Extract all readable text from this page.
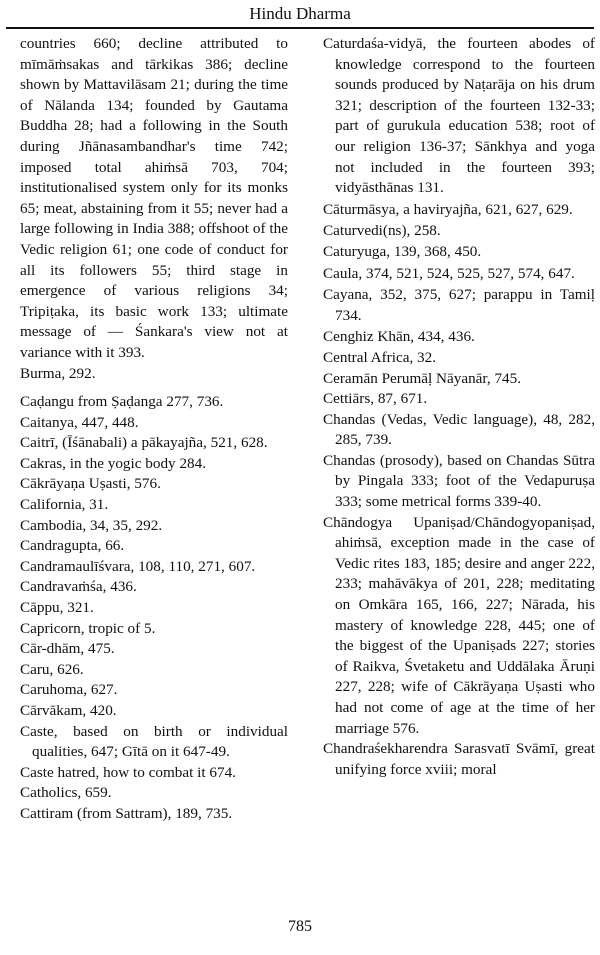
Hindu Dharma

countries 660; decline attributed to mīmāṁsakas and tārkikas 386; decline shown by Mattavilāsam 21; during the time of Nālanda 134; founded by Gautama Buddha 28; had a following in the South during Jñānasambandhar's time 742; imposed total ahiṁsā 703, 704; institutionalised system only for its monks 65; meat, abstaining from it 55; never had a large following in India 388; offshoot of the Vedic religion 61; one code of conduct for all its followers 55; third stage in emergence of various religions 34; Tripiṭaka, its basic work 133; ultimate message of — Śankara's view not at variance with it 393.

Burma, 292.

Caḍangu from Ṣaḍanga 277, 736.

Caitanya, 447, 448.

Caitrī, (Īśānabali) a pākayajña, 521, 628.

Cakras, in the yogic body 284.

Cākrāyaṇa Uṣasti, 576.

California, 31.

Cambodia, 34, 35, 292.

Candragupta, 66.

Candramaulīśvara, 108, 110, 271, 607.

Candravaṁśa, 436.

Cāppu, 321.

Capricorn, tropic of 5.

Cār-dhām, 475.

Caru, 626.

Caruhoma, 627.

Cārvākam, 420.

Caste, based on birth or individual qualities, 647; Gītā on it 647-49.

Caste hatred, how to combat it 674.

Catholics, 659.

Cattiram (from Sattram), 189, 735.

Caturdaśa-vidyā, the fourteen abodes of knowledge correspond to the fourteen sounds produced by Naṭarāja on his drum 321; description of the fourteen 132-33; part of gurukula education 538; root of our religion 136-37; Sānkhya and yoga not included in the fourteen 393; vidyāsthānas 131.

Cāturmāsya, a haviryajña, 621, 627, 629.

Caturvedi(ns), 258.

Caturyuga, 139, 368, 450.

Caula, 374, 521, 524, 525, 527, 574, 647.

Cayana, 352, 375, 627; parappu in Tamiḷ 734.

Cenghiz Khān, 434, 436.

Central Africa, 32.

Ceramān Perumāḷ Nāyanār, 745.

Cettiārs, 87, 671.

Chandas (Vedas, Vedic language), 48, 282, 285, 739.

Chandas (prosody), based on Chandas Sūtra by Pingala 333; foot of the Vedapuruṣa 333; some metrical forms 339-40.

Chāndogya Upaniṣad/Chāndogyopaniṣad, ahiṁsā, exception made in the case of Vedic rites 183, 185; desire and anger 222, 233; mahāvākya of 201, 228; meditating on Omkāra 165, 166, 227; Nārada, his mastery of knowledge 228, 445; one of the biggest of the Upaniṣads 227; stories of Raikva, Śvetaketu and Uddālaka Āruṇi 227, 228; wife of Cākrāyaṇa Uṣasti who had not come of age at the time of her marriage 576.

Chandraśekharendra Sarasvatī Svāmī, great unifying force xviii; moral

785
